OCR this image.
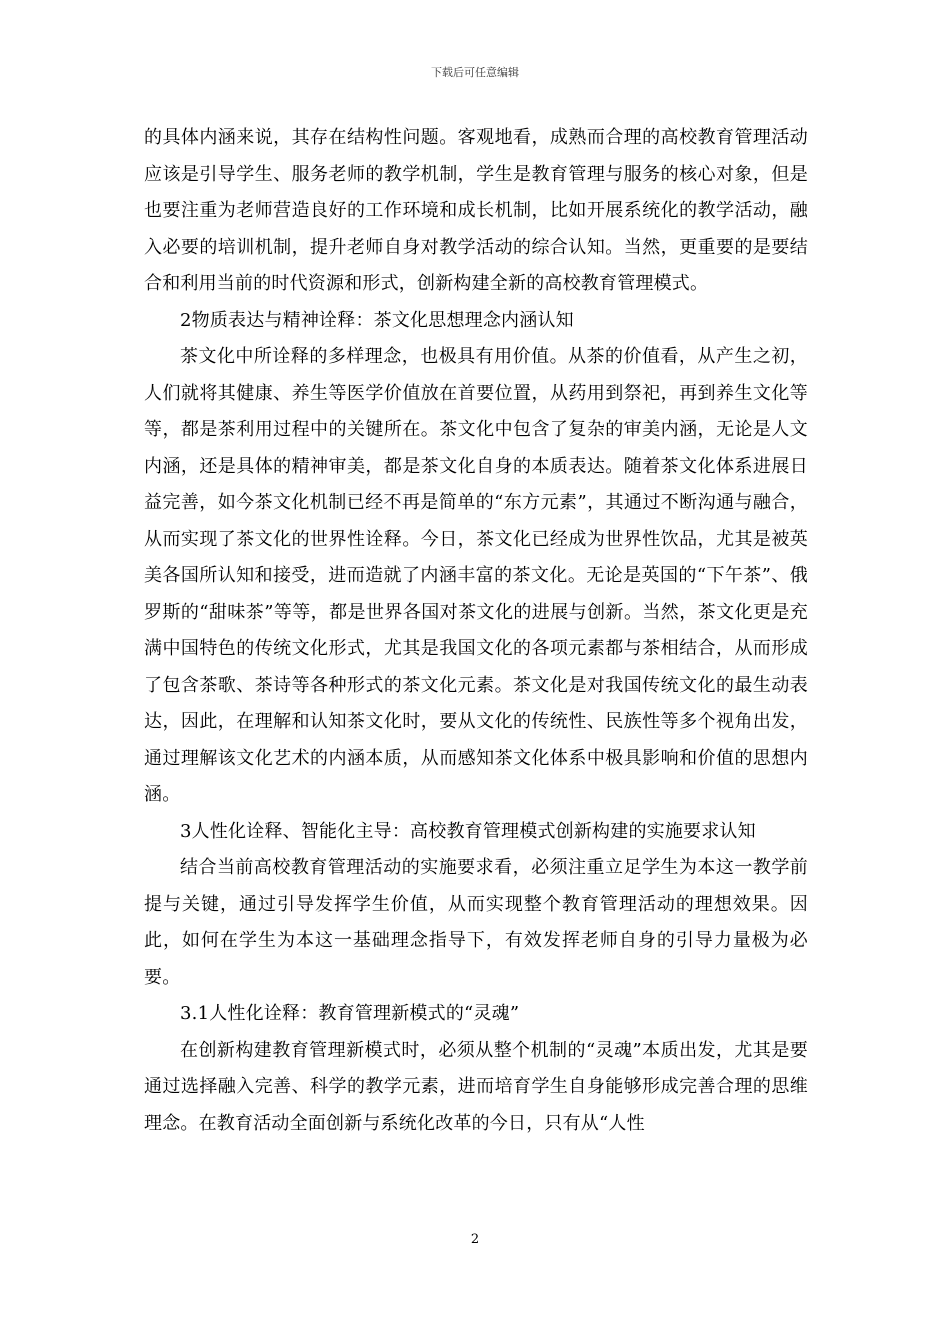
下载后可任意编辑

的具体内涵来说，其存在结构性问题。客观地看，成熟而合理的高校教育管理活动应该是引导学生、服务老师的教学机制，学生是教育管理与服务的核心对象，但是也要注重为老师营造良好的工作环境和成长机制，比如开展系统化的教学活动，融入必要的培训机制，提升老师自身对教学活动的综合认知。当然，更重要的是要结合和利用当前的时代资源和形式，创新构建全新的高校教育管理模式。

2物质表达与精神诠释：茶文化思想理念内涵认知

茶文化中所诠释的多样理念，也极具有用价值。从茶的价值看，从产生之初，人们就将其健康、养生等医学价值放在首要位置，从药用到祭祀，再到养生文化等等，都是茶利用过程中的关键所在。茶文化中包含了复杂的审美内涵，无论是人文内涵，还是具体的精神审美，都是茶文化自身的本质表达。随着茶文化体系进展日益完善，如今茶文化机制已经不再是简单的“东方元素”，其通过不断沟通与融合，从而实现了茶文化的世界性诠释。今日，茶文化已经成为世界性饮品，尤其是被英美各国所认知和接受，进而造就了内涵丰富的茶文化。无论是英国的“下午茶”、俄罗斯的“甜味茶”等等，都是世界各国对茶文化的进展与创新。当然，茶文化更是充满中国特色的传统文化形式，尤其是我国文化的各项元素都与茶相结合，从而形成了包含茶歌、茶诗等各种形式的茶文化元素。茶文化是对我国传统文化的最生动表达，因此，在理解和认知茶文化时，要从文化的传统性、民族性等多个视角出发，通过理解该文化艺术的内涵本质，从而感知茶文化体系中极具影响和价值的思想内涵。

3人性化诠释、智能化主导：高校教育管理模式创新构建的实施要求认知

结合当前高校教育管理活动的实施要求看，必须注重立足学生为本这一教学前提与关键，通过引导发挥学生价值，从而实现整个教育管理活动的理想效果。因此，如何在学生为本这一基础理念指导下，有效发挥老师自身的引导力量极为必要。

3.1人性化诠释：教育管理新模式的“灵魂”

在创新构建教育管理新模式时，必须从整个机制的“灵魂”本质出发，尤其是要通过选择融入完善、科学的教学元素，进而培育学生自身能够形成完善合理的思维理念。在教育活动全面创新与系统化改革的今日，只有从“人性

2
